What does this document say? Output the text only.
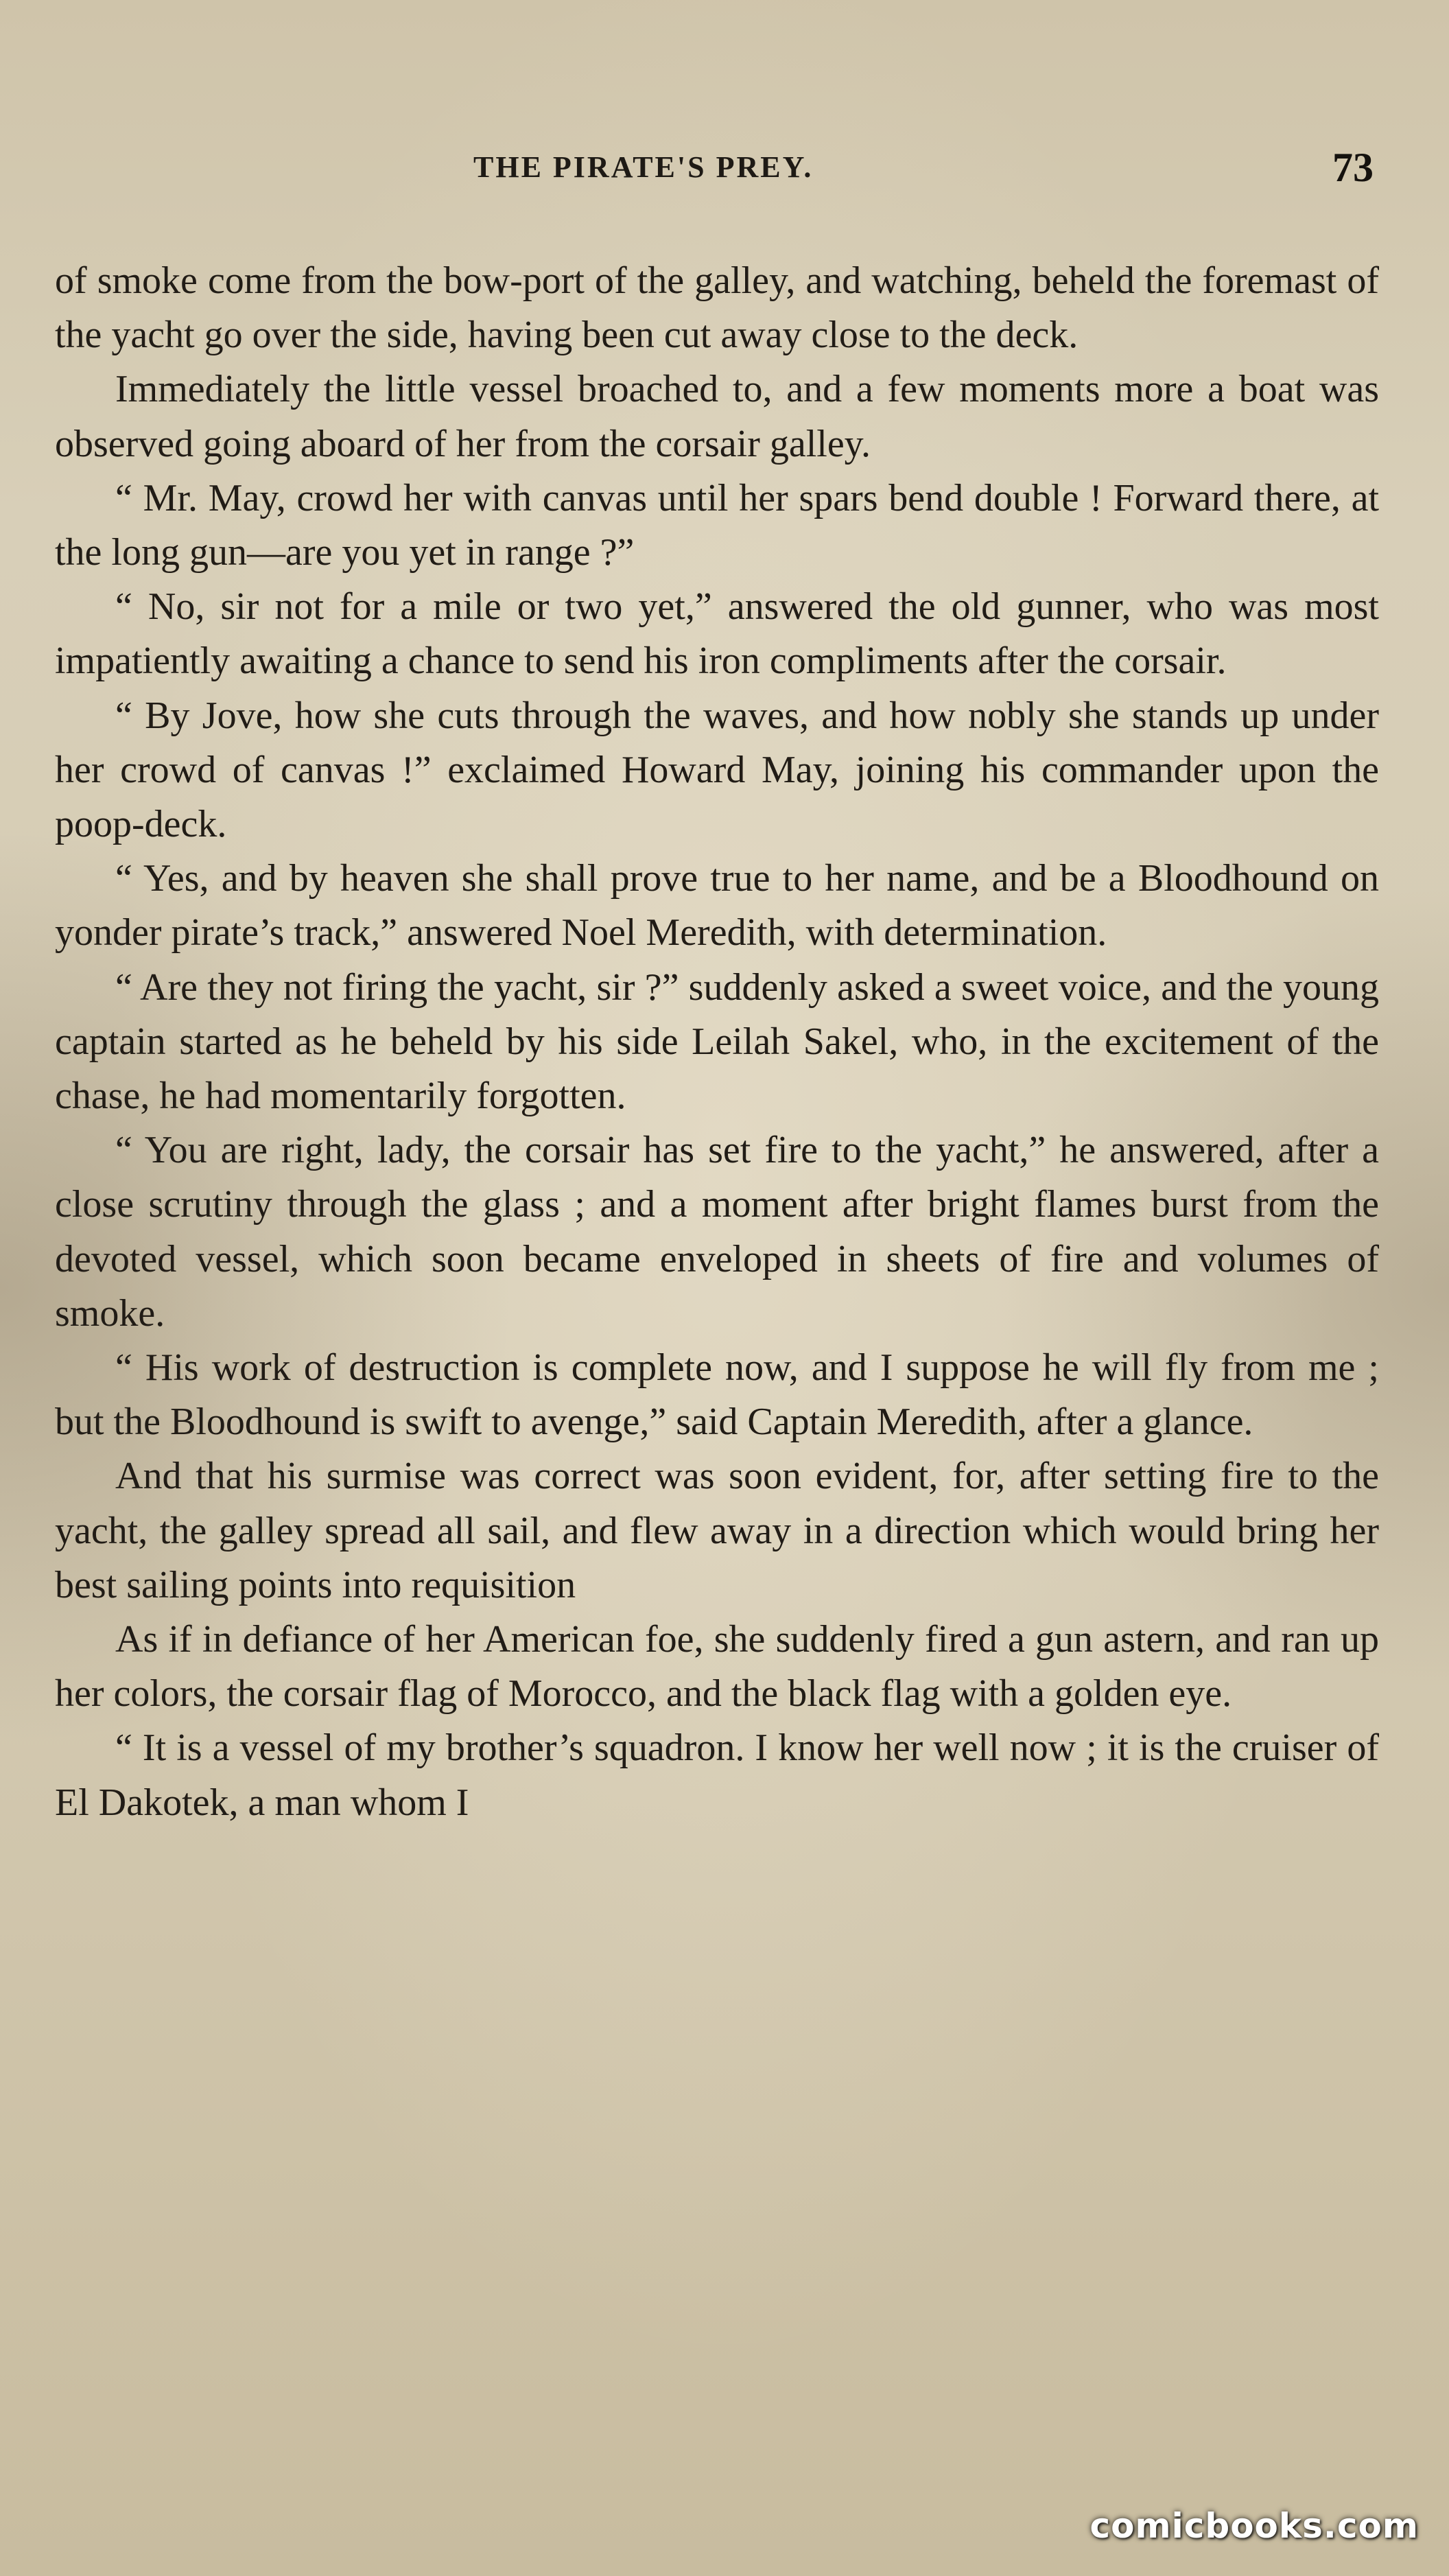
THE PIRATE'S PREY.	73

of smoke come from the bow-port of the galley, and watching, beheld the foremast of the yacht go over the side, having been cut away close to the deck.

Immediately the little vessel broached to, and a few moments more a boat was observed going aboard of her from the corsair galley.

“ Mr. May, crowd her with canvas until her spars bend double ! Forward there, at the long gun—are you yet in range ?”

“ No, sir not for a mile or two yet,” answered the old gunner, who was most impatiently awaiting a chance to send his iron compliments after the corsair.

“ By Jove, how she cuts through the waves, and how nobly she stands up under her crowd of canvas !” exclaimed Howard May, joining his commander upon the poop-deck.

“ Yes, and by heaven she shall prove true to her name, and be a Bloodhound on yonder pirate’s track,” answered Noel Meredith, with determination.

“ Are they not firing the yacht, sir ?” suddenly asked a sweet voice, and the young captain started as he beheld by his side Leilah Sakel, who, in the excitement of the chase, he had momentarily forgotten.

“ You are right, lady, the corsair has set fire to the yacht,” he answered, after a close scrutiny through the glass ; and a moment after bright flames burst from the devoted vessel, which soon became enveloped in sheets of fire and volumes of smoke.

“ His work of destruction is complete now, and I suppose he will fly from me ; but the Bloodhound is swift to avenge,” said Captain Meredith, after a glance.

And that his surmise was correct was soon evident, for, after setting fire to the yacht, the galley spread all sail, and flew away in a direction which would bring her best sailing points into requisition

As if in defiance of her American foe, she suddenly fired a gun astern, and ran up her colors, the corsair flag of Morocco, and the black flag with a golden eye.

“ It is a vessel of my brother’s squadron. I know her well now ; it is the cruiser of El Dakotek, a man whom I

comicbooks.com
